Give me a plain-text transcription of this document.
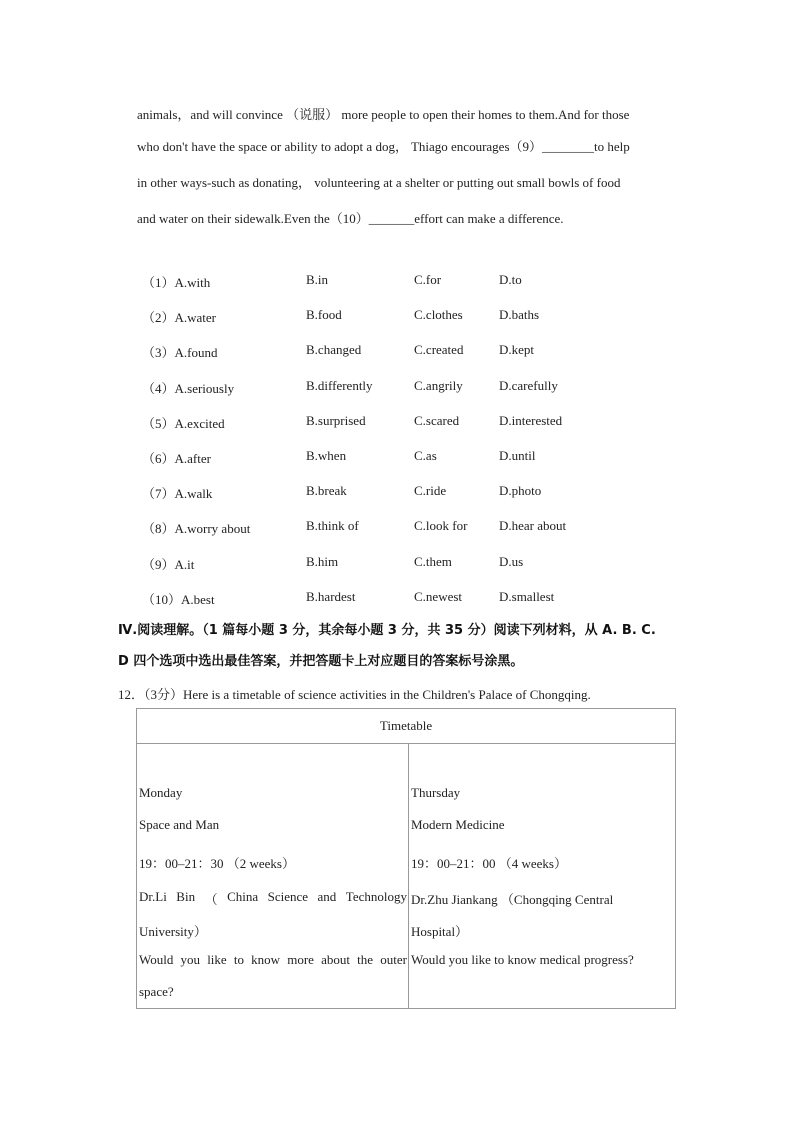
animals，and will convince （说服） more people to open their homes to them.And for those
who don't have the space or ability to adopt a dog， Thiago encourages（9）________to help
in other ways-such as donating， volunteering at a shelter or putting out small bowls of food
and water on their sidewalk.Even the（10）_______effort can make a difference.
（1）A.with	B.in	C.for	D.to
（2）A.water	B.food	C.clothes	D.baths
（3）A.found	B.changed	C.created	D.kept
（4）A.seriously	B.differently	C.angrily	D.carefully
（5）A.excited	B.surprised	C.scared	D.interested
（6）A.after	B.when	C.as	D.until
（7）A.walk	B.break	C.ride	D.photo
（8）A.worry about	B.think of	C.look for D.hear about
（9）A.it	B.him	C.them	D.us
（10）A.best	B.hardest	C.newest	D.smallest
Ⅳ.阅读理解。（1 篇每小题 3 分，其余每小题 3 分，共 35 分）阅读下列材料，从 A. B. C.
D 四个选项中选出最佳答案，并把答题卡上对应题目的答案标号涂黑。
12．（3分）Here is a timetable of science activities in the Children's Palace of Chongqing.
Timetable

Monday
Space and Man
19：00–21：30 （2 weeks）
Dr.Li Bin （ China Science and Technology
University）
Would you like to know more about the outer
space?

Thursday
Modern Medicine
19：00–21：00 （4 weeks）
Dr.Zhu Jiankang （Chongqing Central
Hospital）
Would you like to know medical progress?
